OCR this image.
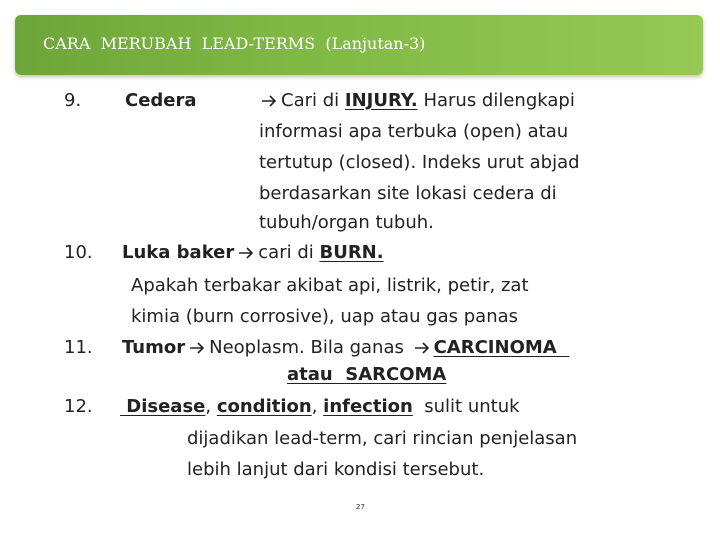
CARA  MERUBAH  LEAD-TERMS  (Lanjutan-3)
9. Cedera	Cari di INJURY. Harus dilengkapi
informasi apa terbuka (open) atau
tertutup (closed). Indeks urut abjad
berdasarkan site lokasi cedera di
tubuh/organ tubuh.
10. Luka baker cari di BURN.
Apakah terbakar akibat api, listrik, petir, zat
kimia (burn corrosive), uap atau gas panas
11. Tumor Neoplasm. Bila ganas
CARCINOMA
atau  SARCOMA
12. Disease, condition, infection  sulit untuk
dijadikan lead-term, cari rincian penjelasan
lebih lanjut dari kondisi tersebut.
27
